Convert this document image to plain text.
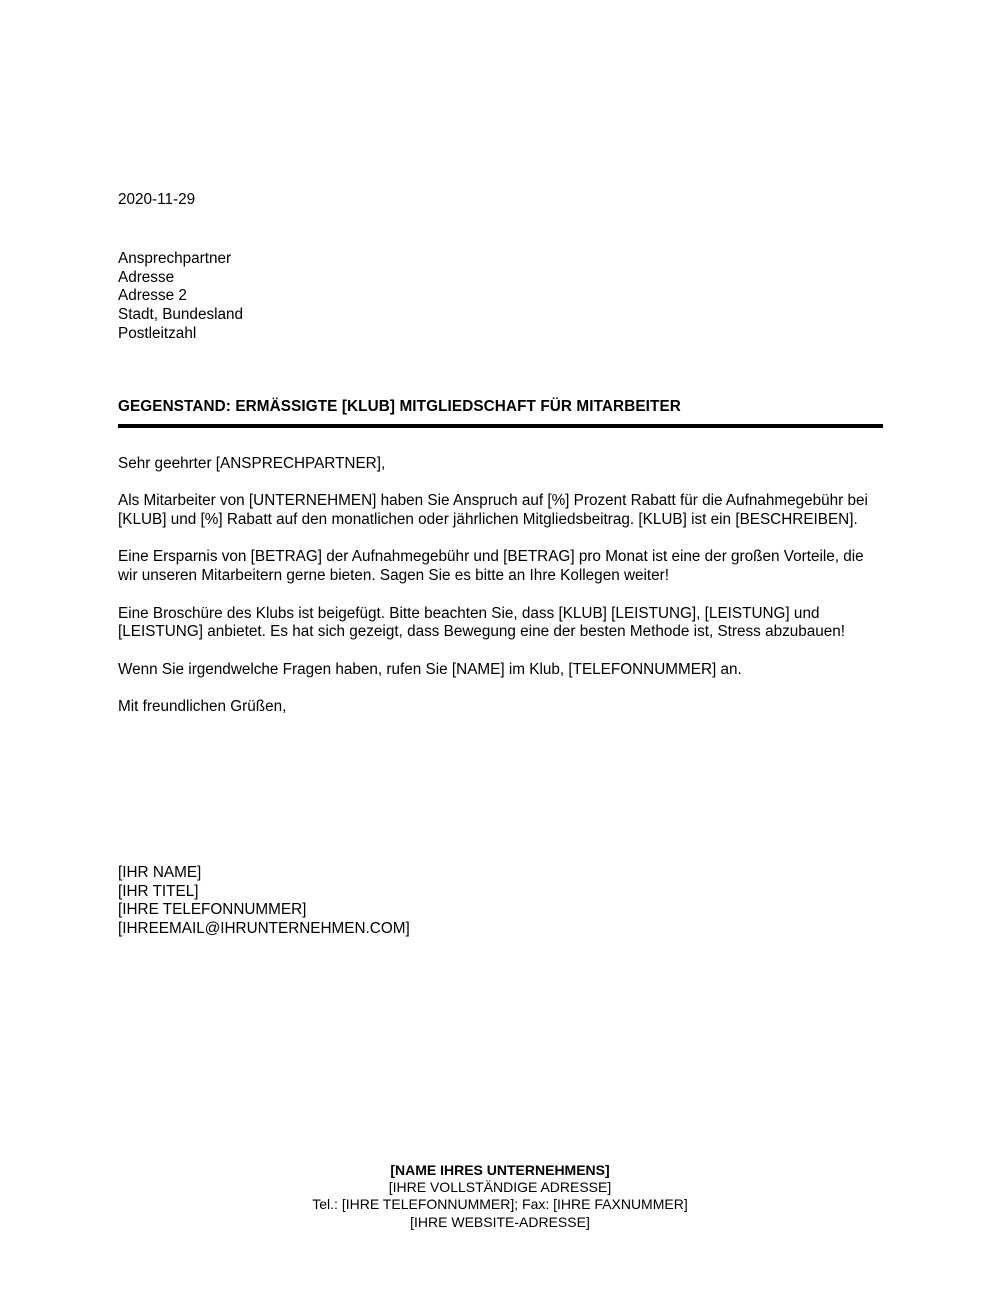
2020-11-29
Ansprechpartner
Adresse
Adresse 2
Stadt, Bundesland
Postleitzahl
GEGENSTAND: ERMÄSSIGTE [KLUB] MITGLIEDSCHAFT FÜR MITARBEITER

Sehr geehrter [ANSPRECHPARTNER],

Als Mitarbeiter von [UNTERNEHMEN] haben Sie Anspruch auf [%] Prozent Rabatt für die Aufnahmegebühr bei [KLUB] und [%] Rabatt auf den monatlichen oder jährlichen Mitgliedsbeitrag. [KLUB] ist ein [BESCHREIBEN].

Eine Ersparnis von [BETRAG] der Aufnahmegebühr und [BETRAG] pro Monat ist eine der großen Vorteile, die wir unseren Mitarbeitern gerne bieten. Sagen Sie es bitte an Ihre Kollegen weiter!

Eine Broschüre des Klubs ist beigefügt. Bitte beachten Sie, dass [KLUB] [LEISTUNG], [LEISTUNG] und [LEISTUNG] anbietet. Es hat sich gezeigt, dass Bewegung eine der besten Methode ist, Stress abzubauen!

Wenn Sie irgendwelche Fragen haben, rufen Sie [NAME] im Klub, [TELEFONNUMMER] an.

Mit freundlichen Grüßen,

[IHR NAME]
[IHR TITEL]
[IHRE TELEFONNUMMER]
[IHREEMAIL@IHRUNTERNEHMEN.COM]
[NAME IHRES UNTERNEHMENS]
[IHRE VOLLSTÄNDIGE ADRESSE]
Tel.: [IHRE TELEFONNUMMER]; Fax: [IHRE FAXNUMMER]
[IHRE WEBSITE-ADRESSE]
